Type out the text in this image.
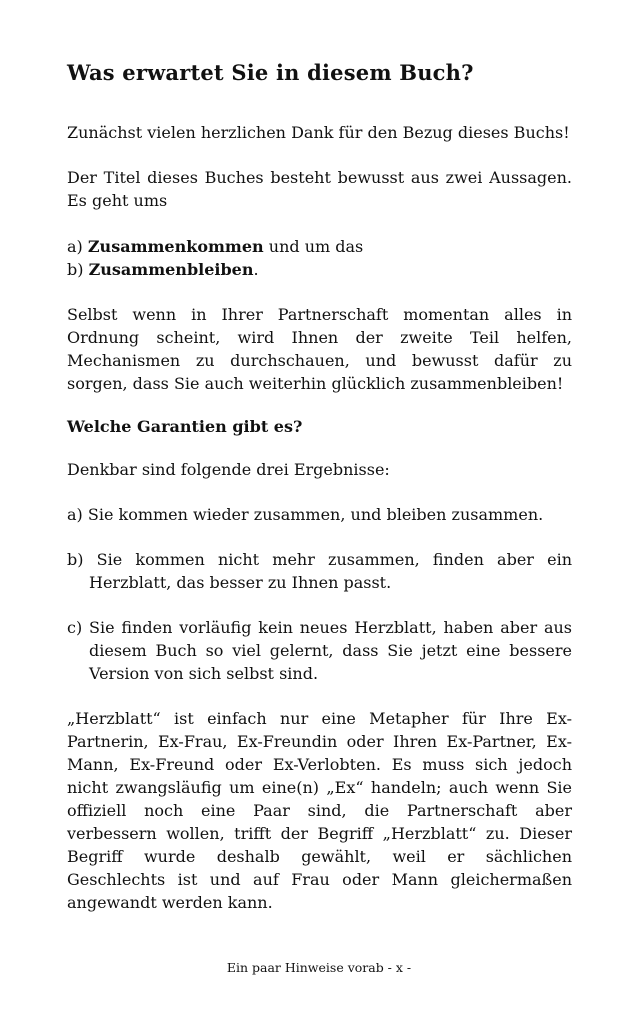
Was erwartet Sie in diesem Buch?

Zunächst vielen herzlichen Dank für den Bezug dieses Buchs!

Der Titel dieses Buches besteht bewusst aus zwei Aussagen. Es geht ums

a) Zusammenkommen und um das
b) Zusammenbleiben.

Selbst wenn in Ihrer Partnerschaft momentan alles in Ordnung scheint, wird Ihnen der zweite Teil helfen, Mechanismen zu durchschauen, und bewusst dafür zu sorgen, dass Sie auch weiterhin glücklich zusammenbleiben!

Welche Garantien gibt es?

Denkbar sind folgende drei Ergebnisse:

a) Sie kommen wieder zusammen, und bleiben zusammen.

b) Sie kommen nicht mehr zusammen, finden aber ein Herzblatt, das besser zu Ihnen passt.

c) Sie finden vorläufig kein neues Herzblatt, haben aber aus diesem Buch so viel gelernt, dass Sie jetzt eine bessere Version von sich selbst sind.

„Herzblatt“ ist einfach nur eine Metapher für Ihre Ex-Partnerin, Ex-Frau, Ex-Freundin oder Ihren Ex-Partner, Ex-Mann, Ex-Freund oder Ex-Verlobten. Es muss sich jedoch nicht zwangsläufig um eine(n) „Ex“ handeln; auch wenn Sie offiziell noch eine Paar sind, die Partnerschaft aber verbessern wollen, trifft der Begriff „Herzblatt“ zu. Dieser Begriff wurde deshalb gewählt, weil er sächlichen Geschlechts ist und auf Frau oder Mann gleichermaßen angewandt werden kann.

Ein paar Hinweise vorab - x -
